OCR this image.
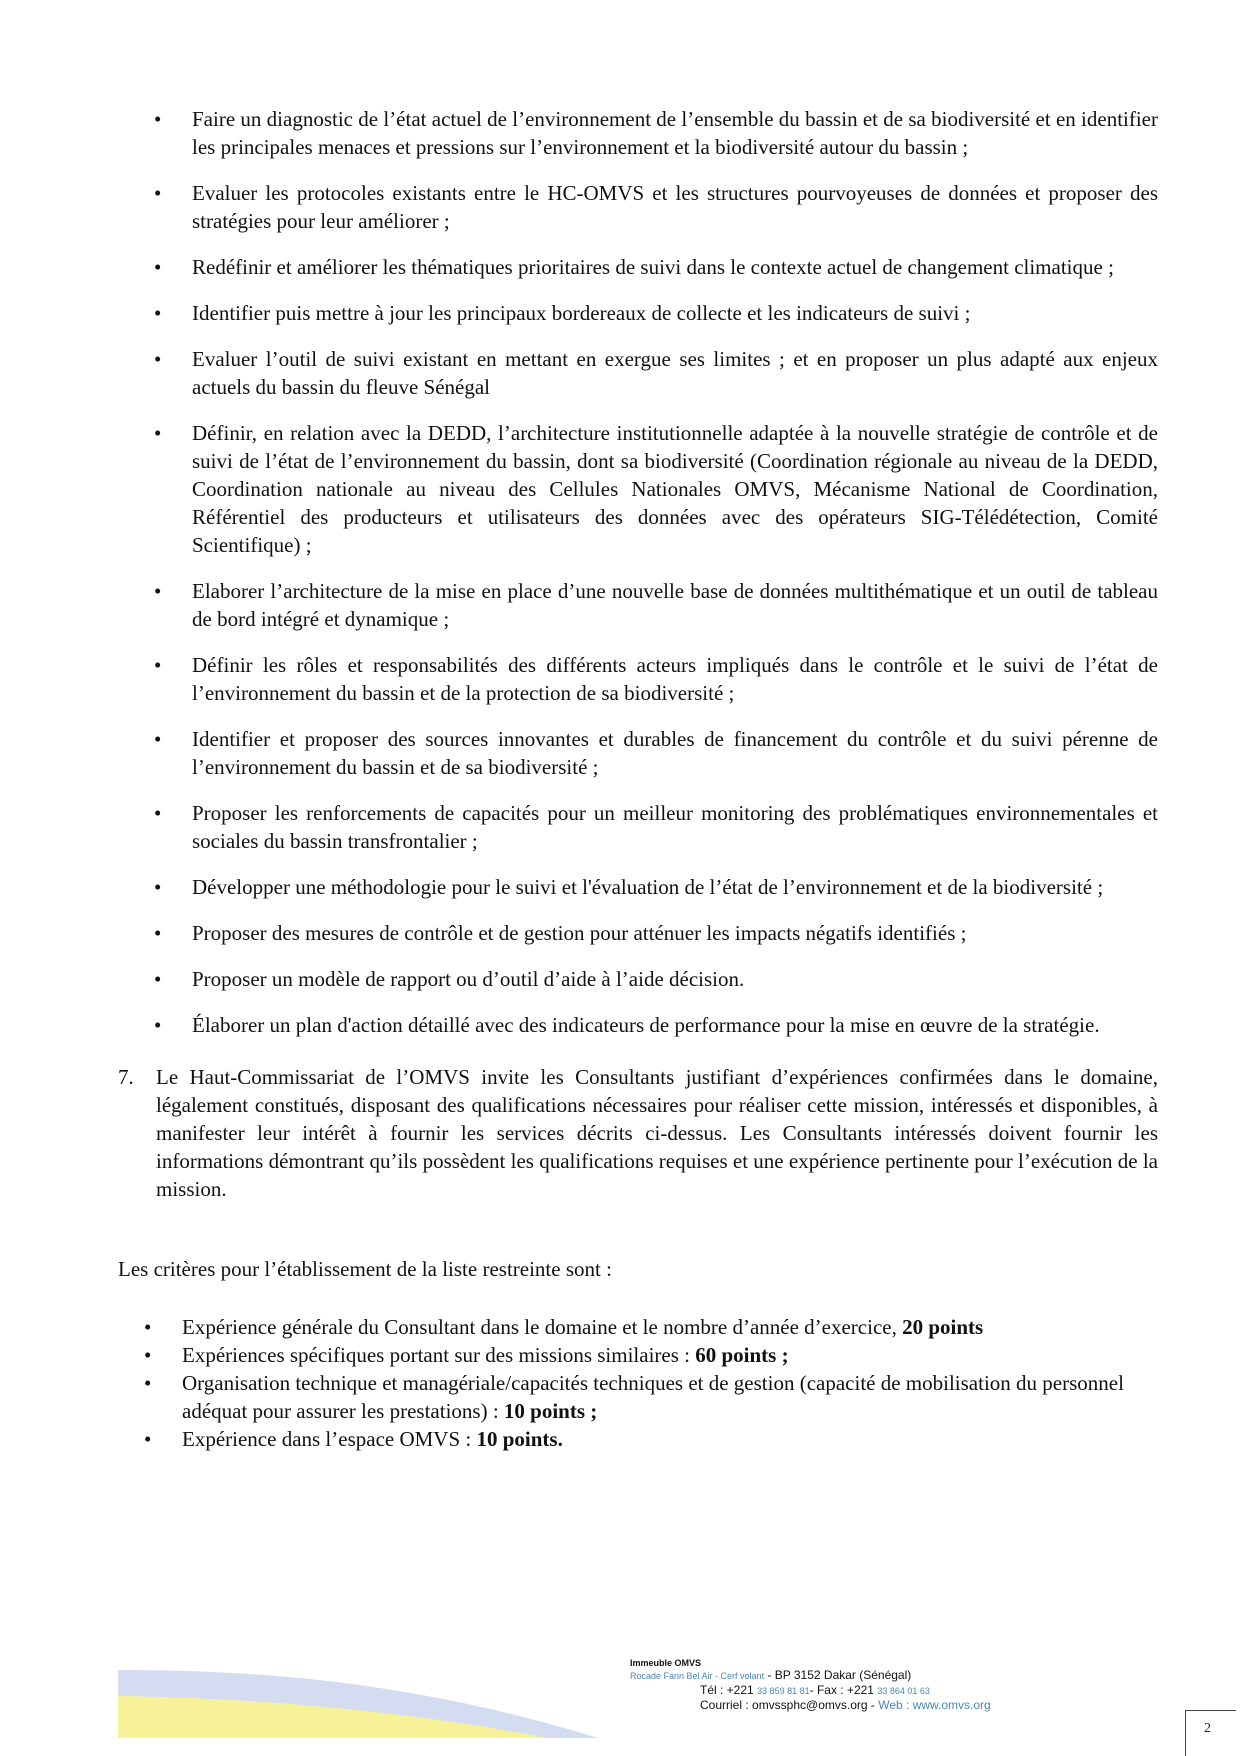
• Faire un diagnostic de l’état actuel de l’environnement de l’ensemble du bassin et de sa biodiversité et en identifier les principales menaces et pressions sur l’environnement et la biodiversité autour du bassin ;
• Evaluer les protocoles existants entre le HC-OMVS et les structures pourvoyeuses de données et proposer des stratégies pour leur améliorer ;
• Redéfinir et améliorer les thématiques prioritaires de suivi dans le contexte actuel de changement climatique ;
• Identifier puis mettre à jour les principaux bordereaux de collecte et les indicateurs de suivi ;
• Evaluer l’outil de suivi existant en mettant en exergue ses limites ; et en proposer un plus adapté aux enjeux actuels du bassin du fleuve Sénégal
• Définir, en relation avec la DEDD, l’architecture institutionnelle adaptée à la nouvelle stratégie de contrôle et de suivi de l’état de l’environnement du bassin, dont sa biodiversité (Coordination régionale au niveau de la DEDD, Coordination nationale au niveau des Cellules Nationales OMVS, Mécanisme National de Coordination, Référentiel des producteurs et utilisateurs des données avec des opérateurs SIG-Télédétection, Comité Scientifique) ;
• Elaborer l’architecture de la mise en place d’une nouvelle base de données multithématique et un outil de tableau de bord intégré et dynamique ;
• Définir les rôles et responsabilités des différents acteurs impliqués dans le contrôle et le suivi de l’état de l’environnement du bassin et de la protection de sa biodiversité ;
• Identifier et proposer des sources innovantes et durables de financement du contrôle et du suivi pérenne de l’environnement du bassin et de sa biodiversité ;
• Proposer les renforcements de capacités pour un meilleur monitoring des problématiques environnementales et sociales du bassin transfrontalier ;
• Développer une méthodologie pour le suivi et l'évaluation de l’état de l’environnement et de la biodiversité ;
• Proposer des mesures de contrôle et de gestion pour atténuer les impacts négatifs identifiés ;
• Proposer un modèle de rapport ou d’outil d’aide à l’aide décision.
• Élaborer un plan d'action détaillé avec des indicateurs de performance pour la mise en œuvre de la stratégie.
7. Le Haut-Commissariat de l’OMVS invite les Consultants justifiant d’expériences confirmées dans le domaine, légalement constitués, disposant des qualifications nécessaires pour réaliser cette mission, intéressés et disponibles, à manifester leur intérêt à fournir les services décrits ci-dessus. Les Consultants intéressés doivent fournir les informations démontrant qu’ils possèdent les qualifications requises et une expérience pertinente pour l’exécution de la mission.
Les critères pour l’établissement de la liste restreinte sont :
• Expérience générale du Consultant dans le domaine et le nombre d’année d’exercice, 20 points
• Expériences spécifiques portant sur des missions similaires : 60 points ;
• Organisation technique et managériale/capacités techniques et de gestion (capacité de mobilisation du personnel adéquat pour assurer les prestations) : 10 points ;
• Expérience dans l’espace OMVS : 10 points.
Immeuble OMVS
Rocade Fann Bel Air - Cerf volant - BP 3152 Dakar (Sénégal)
Tél : +221 33 859 81 81- Fax : +221 33 864 01 63
Courriel : omvssphc@omvs.org - Web : www.omvs.org
2
